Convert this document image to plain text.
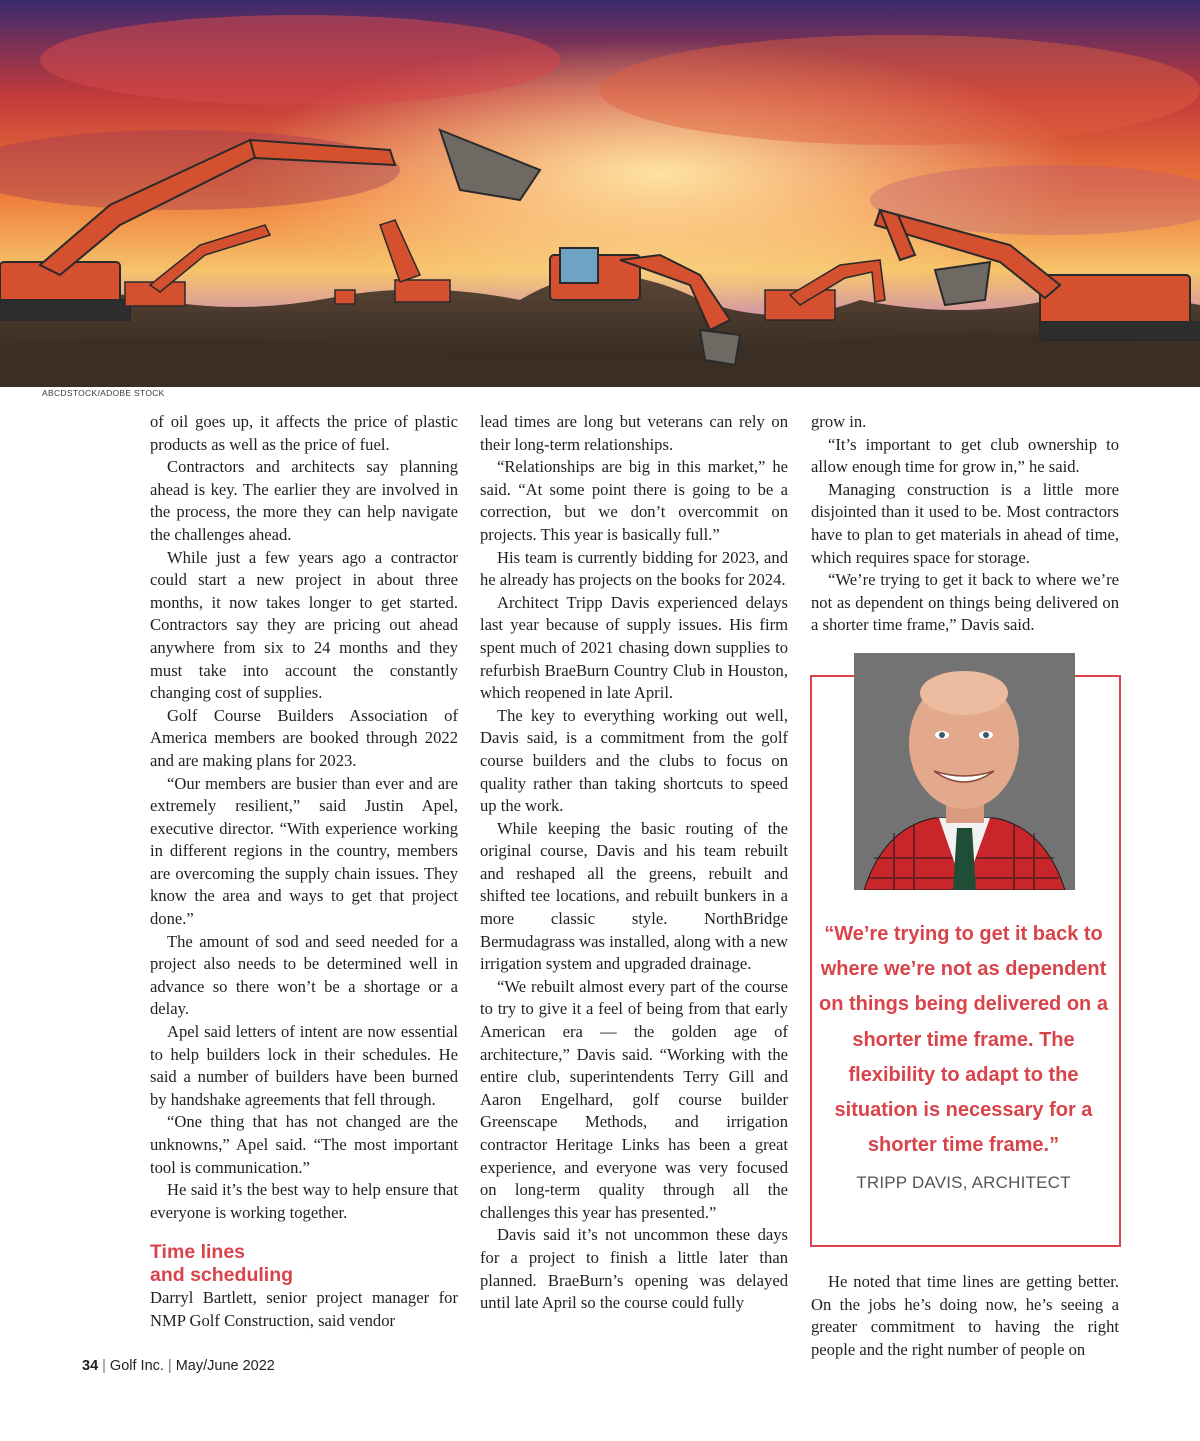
ABCDSTOCK/ADOBE STOCK

of oil goes up, it affects the price of plastic products as well as the price of fuel.

Contractors and architects say planning ahead is key. The earlier they are involved in the process, the more they can help navigate the challenges ahead.

While just a few years ago a contractor could start a new project in about three months, it now takes longer to get started. Contractors say they are pricing out ahead anywhere from six to 24 months and they must take into account the constantly changing cost of supplies.

Golf Course Builders Association of America members are booked through 2022 and are making plans for 2023.

“Our members are busier than ever and are extremely resilient,” said Justin Apel, executive director. “With experience working in different regions in the country, members are overcoming the supply chain issues. They know the area and ways to get that project done.”

The amount of sod and seed needed for a project also needs to be determined well in advance so there won’t be a shortage or a delay.

Apel said letters of intent are now essential to help builders lock in their schedules. He said a number of builders have been burned by handshake agreements that fell through.

“One thing that has not changed are the unknowns,” Apel said. “The most important tool is communication.”

He said it’s the best way to help ensure that everyone is working together.

Time lines
and scheduling

Darryl Bartlett, senior project manager for NMP Golf Construction, said vendor

lead times are long but veterans can rely on their long-term relationships.

“Relationships are big in this market,” he said. “At some point there is going to be a correction, but we don’t overcommit on projects. This year is basically full.”

His team is currently bidding for 2023, and he already has projects on the books for 2024.

Architect Tripp Davis experienced delays last year because of supply issues. His firm spent much of 2021 chasing down supplies to refurbish BraeBurn Country Club in Houston, which reopened in late April.

The key to everything working out well, Davis said, is a commitment from the golf course builders and the clubs to focus on quality rather than taking shortcuts to speed up the work.

While keeping the basic routing of the original course, Davis and his team rebuilt and reshaped all the greens, rebuilt and shifted tee locations, and rebuilt bunkers in a more classic style. NorthBridge Bermudagrass was installed, along with a new irrigation system and upgraded drainage.

“We rebuilt almost every part of the course to try to give it a feel of being from that early American era — the golden age of architecture,” Davis said. “Working with the entire club, superintendents Terry Gill and Aaron Engelhard, golf course builder Greenscape Methods, and irrigation contractor Heritage Links has been a great experience, and everyone was very focused on long-term quality through all the challenges this year has presented.”

Davis said it’s not uncommon these days for a project to finish a little later than planned. BraeBurn’s opening was delayed until late April so the course could fully

grow in.

“It’s important to get club ownership to allow enough time for grow in,” he said.

Managing construction is a little more disjointed than it used to be. Most contractors have to plan to get materials in ahead of time, which requires space for storage.

“We’re trying to get it back to where we’re not as dependent on things being delivered on a shorter time frame,” Davis said.

“We’re trying to get it back to where we’re not as dependent on things being delivered on a shorter time frame. The flexibility to adapt to the situation is necessary for a shorter time frame.”
TRIPP DAVIS, ARCHITECT

He noted that time lines are getting better. On the jobs he’s doing now, he’s seeing a greater commitment to having the right people and the right number of people on

34 | Golf Inc. | May/June 2022
